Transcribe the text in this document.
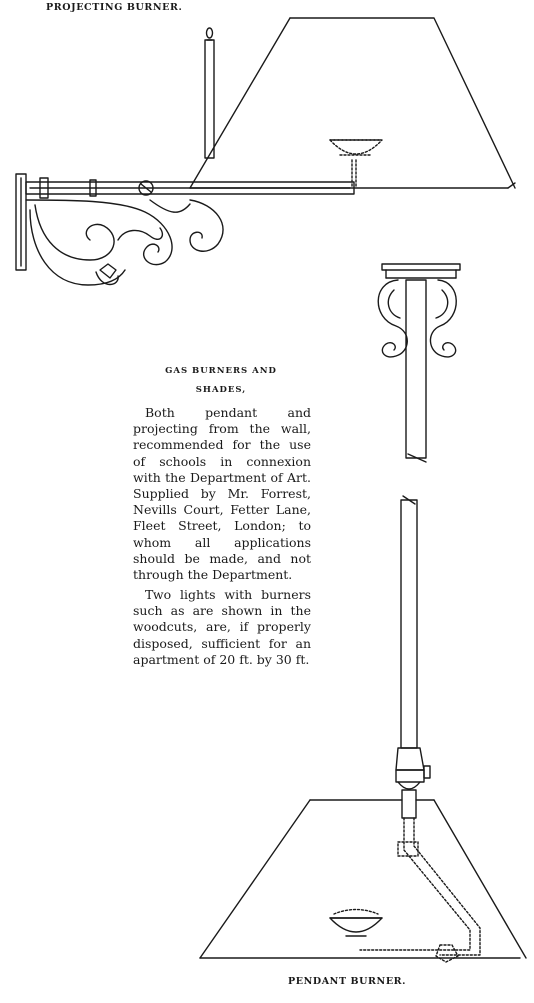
PROJECTING BURNER.
GAS BURNERS AND
SHADES,

Both pendant and projecting from the wall, recommended for the use of schools in connexion with the Department of Art. Supplied by Mr. Forrest, Nevills Court, Fetter Lane, Fleet Street, London; to whom all applications should be made, and not through the Department.

Two lights with burners such as are shown in the woodcuts, are, if properly disposed, sufficient for an apartment of 20 ft. by 30 ft.

PENDANT BURNER.
